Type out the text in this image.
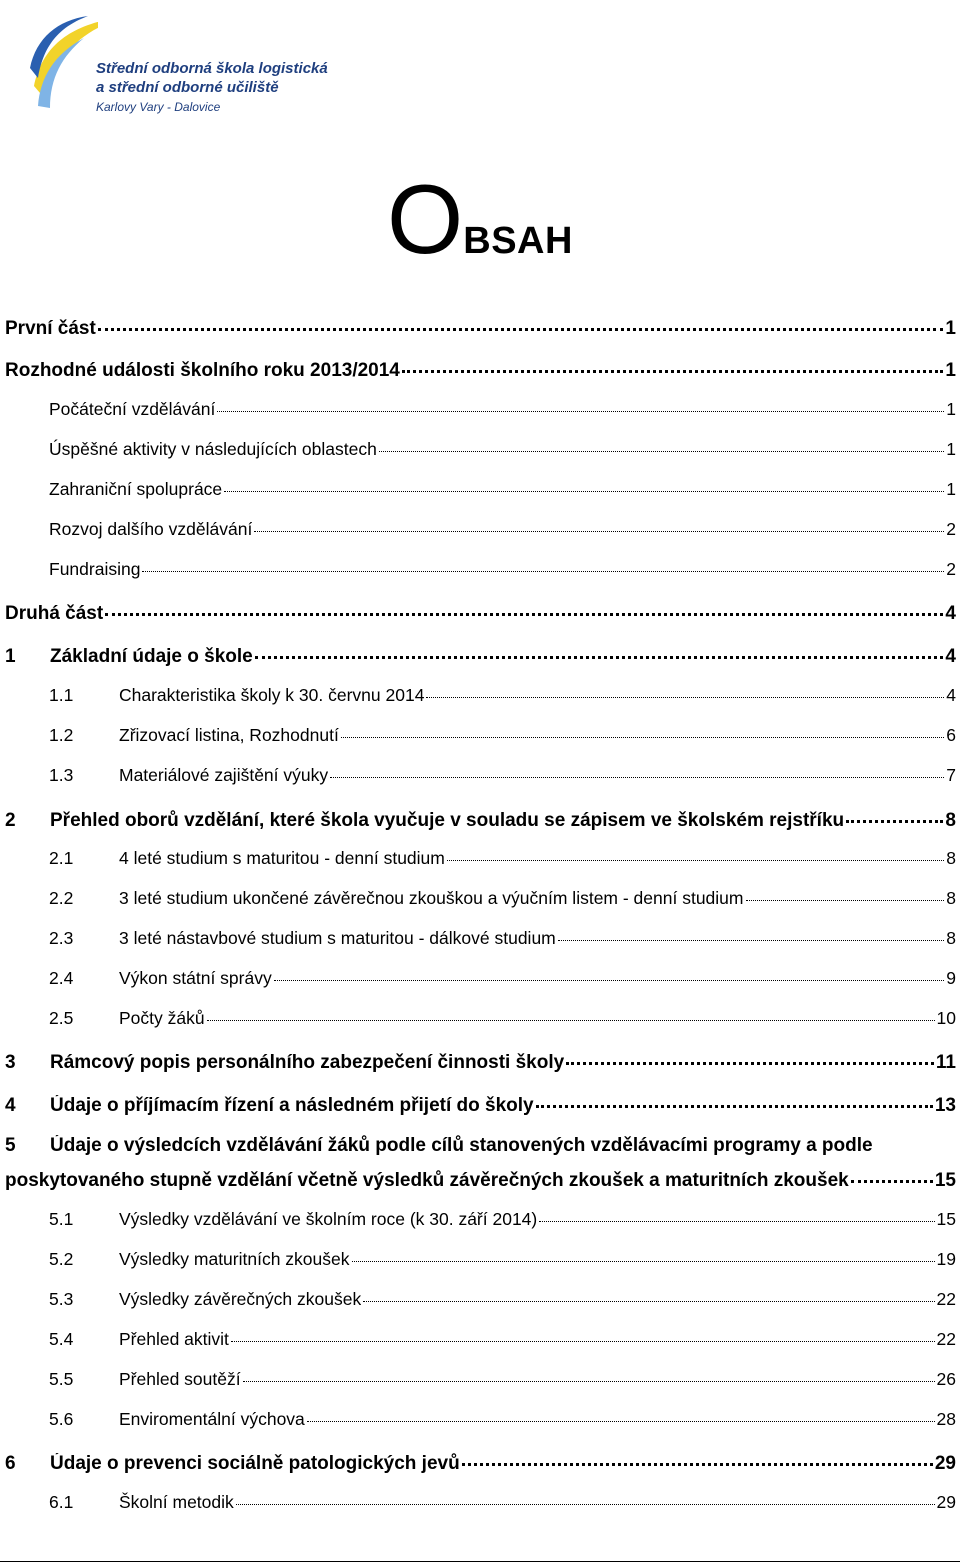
Střední odborná škola logistická
a střední odborné učiliště
Karlovy Vary - Dalovice
OBSAH
První část	1
Rozhodné události školního roku 2013/2014	1
Počáteční vzdělávání	1
Úspěšné aktivity v následujících oblastech	1
Zahraniční spolupráce	1
Rozvoj dalšího vzdělávání	2
Fundraising	2
Druhá část	4
1	Základní údaje o škole	4
1.1	Charakteristika školy k 30. červnu 2014	4
1.2	Zřizovací listina, Rozhodnutí	6
1.3	Materiálové zajištění výuky	7
2	Přehled oborů vzdělání, které škola vyučuje v souladu se zápisem ve školském rejstříku	8
2.1	4 leté studium s maturitou - denní studium	8
2.2	3 leté studium ukončené závěrečnou zkouškou a výučním listem - denní studium	8
2.3	3 leté nástavbové studium s maturitou - dálkové studium	8
2.4	Výkon státní správy	9
2.5	Počty žáků	10
3	Rámcový popis personálního zabezpečení činnosti školy	11
4	Údaje o příjímacím řízení a následném přijetí do školy	13
5	Údaje o výsledcích vzdělávání žáků podle cílů stanovených vzdělávacími programy a podle
poskytovaného stupně vzdělání včetně výsledků závěrečných zkoušek a maturitních zkoušek	15
5.1	Výsledky vzdělávání ve školním roce (k 30. září 2014)	15
5.2	Výsledky maturitních zkoušek	19
5.3	Výsledky závěrečných zkoušek	22
5.4	Přehled aktivit	22
5.5	Přehled soutěží	26
5.6	Enviromentální výchova	28
6	Údaje o prevenci sociálně patologických jevů	29
6.1	Školní metodik	29
